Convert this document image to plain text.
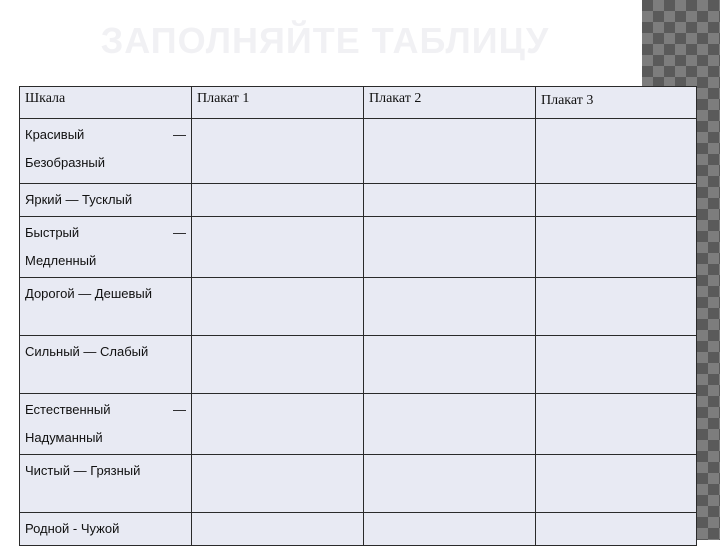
ЗАПОЛНЯЙТЕ ТАБЛИЦУ
Шкала	Плакат 1	Плакат 2	Плакат 3

Красивый —
Безобразный			

Яркий — Тусклый			

Быстрый —
Медленный			

Дорогой — Дешевый			
Сильный — Слабый			

Естественный —
Надуманный			

Чистый — Грязный			
Родной - Чужой			
